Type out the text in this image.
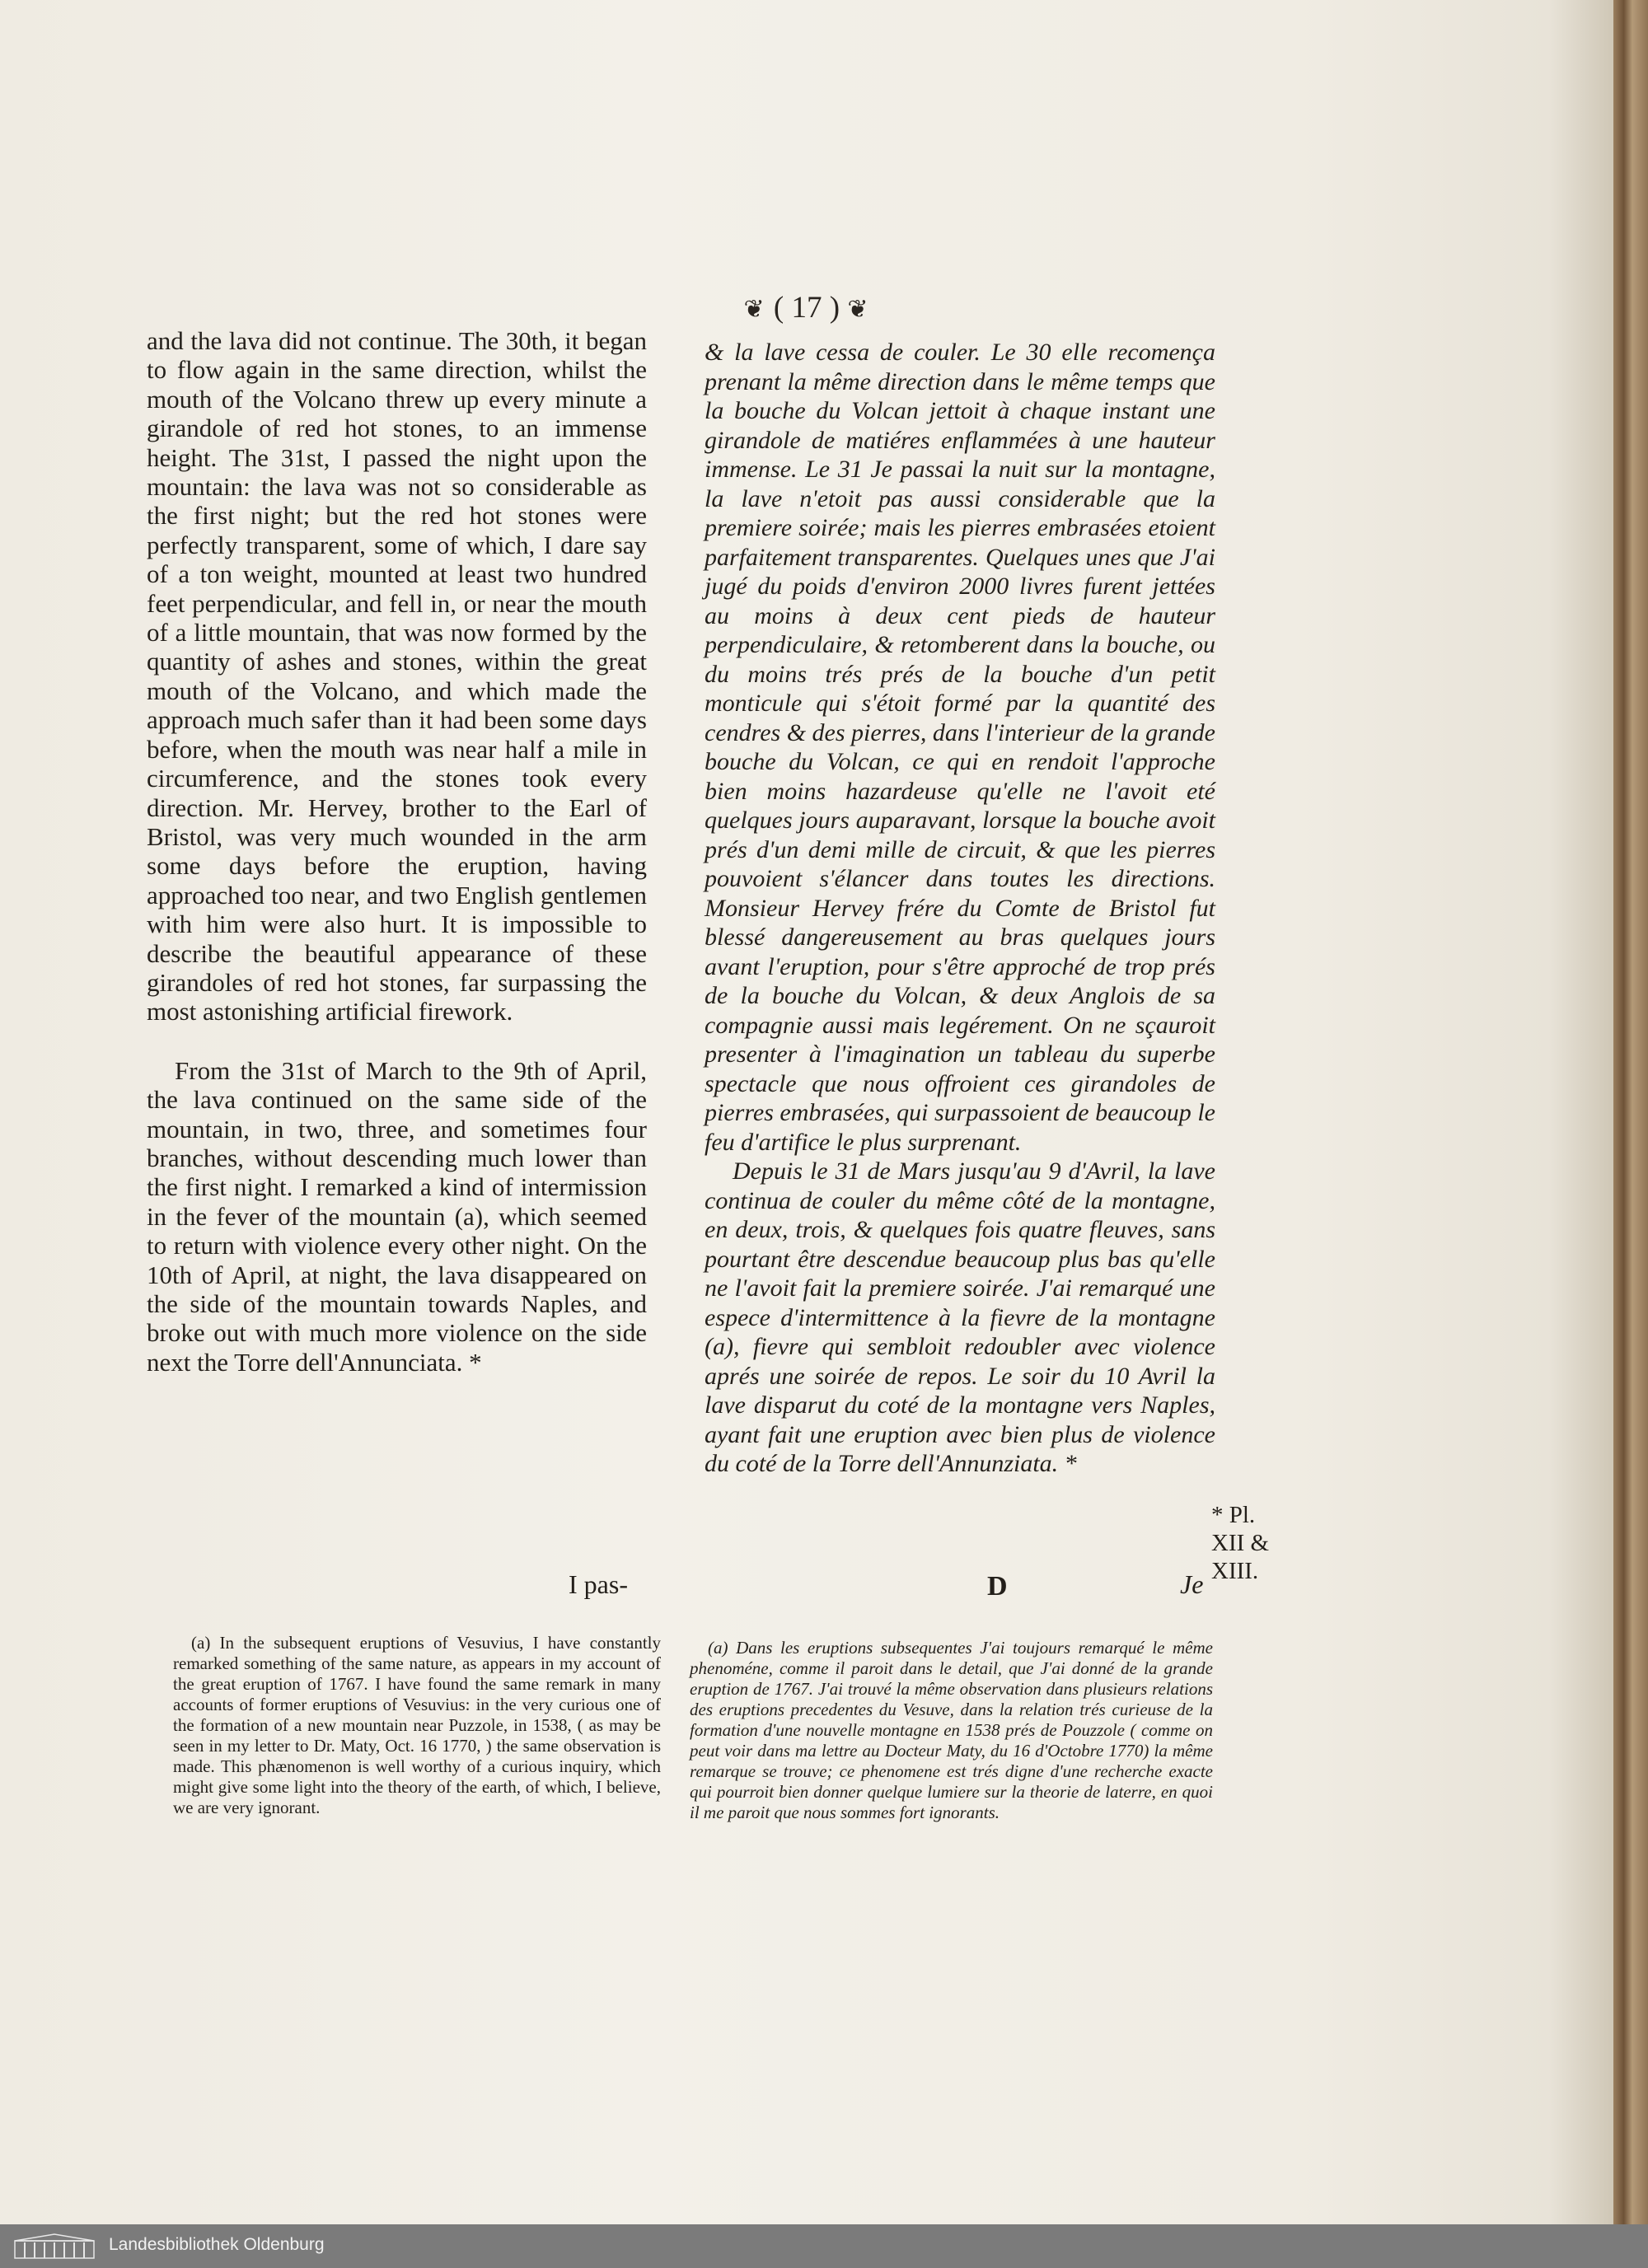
❦ ( 17 ) ❦

and the lava did not continue. The 30th, it began to flow again in the same direction, whilst the mouth of the Volcano threw up every minute a girandole of red hot stones, to an immense height. The 31st, I passed the night upon the mountain: the lava was not so considerable as the first night; but the red hot stones were perfectly transparent, some of which, I dare say of a ton weight, mounted at least two hundred feet perpendicular, and fell in, or near the mouth of a little mountain, that was now formed by the quantity of ashes and stones, within the great mouth of the Volcano, and which made the approach much safer than it had been some days before, when the mouth was near half a mile in circumference, and the stones took every direction. Mr. Hervey, brother to the Earl of Bristol, was very much wounded in the arm some days before the eruption, having approached too near, and two English gentlemen with him were also hurt. It is impossible to describe the beautiful appearance of these girandoles of red hot stones, far surpassing the most astonishing artificial firework.

From the 31st of March to the 9th of April, the lava continued on the same side of the mountain, in two, three, and sometimes four branches, without descending much lower than the first night. I remarked a kind of intermission in the fever of the mountain (a), which seemed to return with violence every other night. On the 10th of April, at night, the lava disappeared on the side of the mountain towards Naples, and broke out with much more violence on the side next the Torre dell'Annunciata. *

& la lave cessa de couler. Le 30 elle recomença prenant la même direction dans le même temps que la bouche du Volcan jettoit à chaque instant une girandole de matiéres enflammées à une hauteur immense. Le 31 Je passai la nuit sur la montagne, la lave n'etoit pas aussi considerable que la premiere soirée; mais les pierres embrasées etoient parfaitement transparentes. Quelques unes que J'ai jugé du poids d'environ 2000 livres furent jettées au moins à deux cent pieds de hauteur perpendiculaire, & retomberent dans la bouche, ou du moins trés prés de la bouche d'un petit monticule qui s'étoit formé par la quantité des cendres & des pierres, dans l'interieur de la grande bouche du Volcan, ce qui en rendoit l'approche bien moins hazardeuse qu'elle ne l'avoit eté quelques jours auparavant, lorsque la bouche avoit prés d'un demi mille de circuit, & que les pierres pouvoient s'élancer dans toutes les directions. Monsieur Hervey frére du Comte de Bristol fut blessé dangereusement au bras quelques jours avant l'eruption, pour s'être approché de trop prés de la bouche du Volcan, & deux Anglois de sa compagnie aussi mais legérement. On ne sçauroit presenter à l'imagination un tableau du superbe spectacle que nous offroient ces girandoles de pierres embrasées, qui surpassoient de beaucoup le feu d'artifice le plus surprenant.

Depuis le 31 de Mars jusqu'au 9 d'Avril, la lave continua de couler du même côté de la montagne, en deux, trois, & quelques fois quatre fleuves, sans pourtant être descendue beaucoup plus bas qu'elle ne l'avoit fait la premiere soirée. J'ai remarqué une espece d'intermittence à la fievre de la montagne (a), fievre qui sembloit redoubler avec violence aprés une soirée de repos. Le soir du 10 Avril la lave disparut du coté de la montagne vers Naples, ayant fait une eruption avec bien plus de violence du coté de la Torre dell'Annunziata. *

* Pl. XII & XIII.
I pas-	D	Je

(a) In the subsequent eruptions of Vesuvius, I have constantly remarked something of the same nature, as appears in my account of the great eruption of 1767. I have found the same remark in many accounts of former eruptions of Vesuvius: in the very curious one of the formation of a new mountain near Puzzole, in 1538, ( as may be seen in my letter to Dr. Maty, Oct. 16 1770, ) the same observation is made. This phænomenon is well worthy of a curious inquiry, which might give some light into the theory of the earth, of which, I believe, we are very ignorant.

(a) Dans les eruptions subsequentes J'ai toujours remarqué le même phenoméne, comme il paroit dans le detail, que J'ai donné de la grande eruption de 1767. J'ai trouvé la même observation dans plusieurs relations des eruptions precedentes du Vesuve, dans la relation trés curieuse de la formation d'une nouvelle montagne en 1538 prés de Pouzzole ( comme on peut voir dans ma lettre au Docteur Maty, du 16 d'Octobre 1770) la même remarque se trouve; ce phenomene est trés digne d'une recherche exacte qui pourroit bien donner quelque lumiere sur la theorie de laterre, en quoi il me paroit que nous sommes fort ignorants.

Landesbibliothek Oldenburg
